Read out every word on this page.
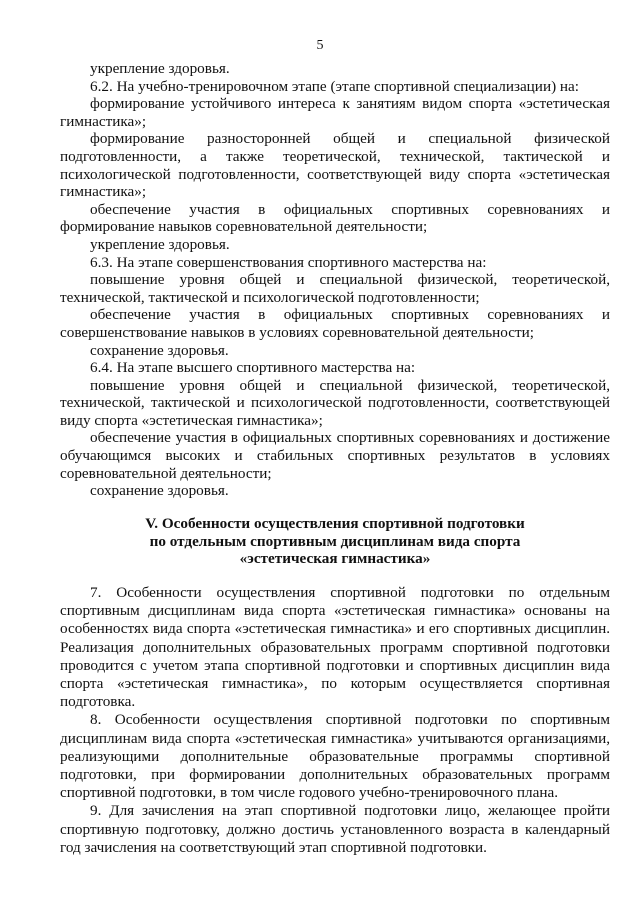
5

укрепление здоровья.

6.2. На учебно-тренировочном этапе (этапе спортивной специализации) на:

формирование устойчивого интереса к занятиям видом спорта «эстетическая гимнастика»;

формирование разносторонней общей и специальной физической подготовленности, а также теоретической, технической, тактической и психологической подготовленности, соответствующей виду спорта «эстетическая гимнастика»;

обеспечение участия в официальных спортивных соревнованиях и формирование навыков соревновательной деятельности;

укрепление здоровья.

6.3. На этапе совершенствования спортивного мастерства на:

повышение уровня общей и специальной физической, теоретической, технической, тактической и психологической подготовленности;

обеспечение участия в официальных спортивных соревнованиях и совершенствование навыков в условиях соревновательной деятельности;

сохранение здоровья.

6.4. На этапе высшего спортивного мастерства на:

повышение уровня общей и специальной физической, теоретической, технической, тактической и психологической подготовленности, соответствующей виду спорта «эстетическая гимнастика»;

обеспечение участия в официальных спортивных соревнованиях и достижение обучающимся высоких и стабильных спортивных результатов в условиях соревновательной деятельности;

сохранение здоровья.

V. Особенности осуществления спортивной подготовки

по отдельным спортивным дисциплинам вида спорта

«эстетическая гимнастика»

7. Особенности осуществления спортивной подготовки по отдельным спортивным дисциплинам вида спорта «эстетическая гимнастика» основаны на особенностях вида спорта «эстетическая гимнастика» и его спортивных дисциплин. Реализация дополнительных образовательных программ спортивной подготовки проводится с учетом этапа спортивной подготовки и спортивных дисциплин вида спорта «эстетическая гимнастика», по которым осуществляется спортивная подготовка.

8. Особенности осуществления спортивной подготовки по спортивным дисциплинам вида спорта «эстетическая гимнастика» учитываются организациями, реализующими дополнительные образовательные программы спортивной подготовки, при формировании дополнительных образовательных программ спортивной подготовки, в том числе годового учебно-тренировочного плана.

9. Для зачисления на этап спортивной подготовки лицо, желающее пройти спортивную подготовку, должно достичь установленного возраста в календарный год зачисления на соответствующий этап спортивной подготовки.
